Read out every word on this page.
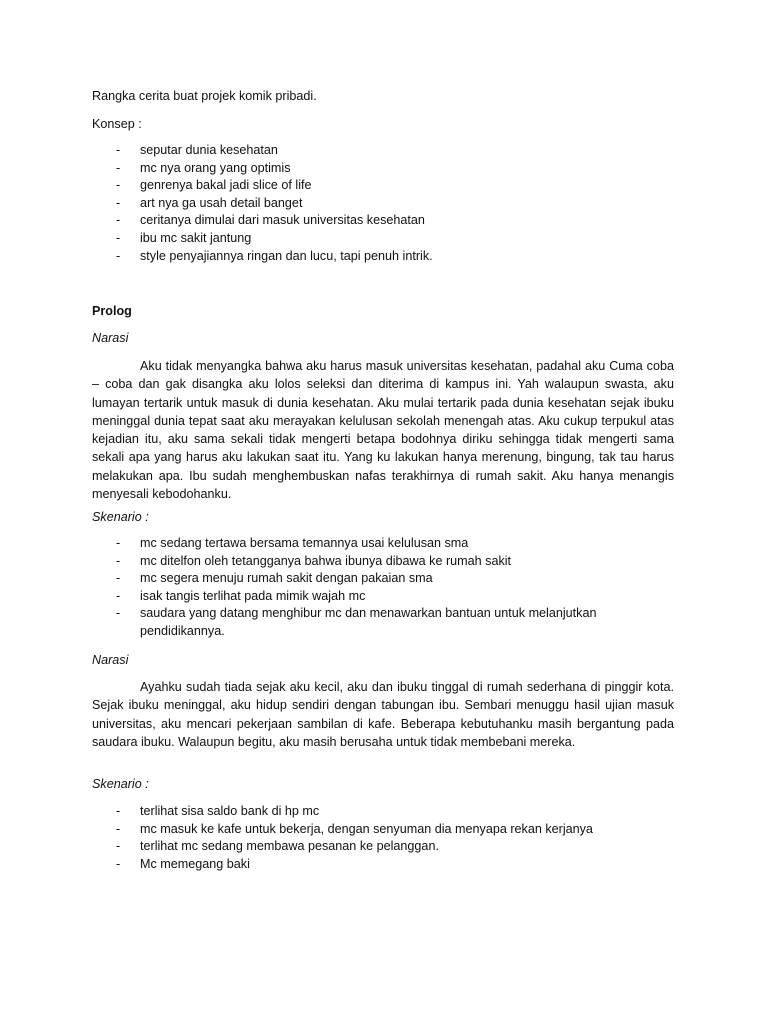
Rangka cerita buat projek komik pribadi.
Konsep :
- seputar dunia kesehatan
- mc nya orang yang optimis
- genrenya bakal jadi slice of life
- art nya ga usah detail banget
- ceritanya dimulai dari masuk universitas kesehatan
- ibu mc sakit jantung
- style penyajiannya ringan dan lucu, tapi penuh intrik.
Prolog
Narasi

Aku tidak menyangka bahwa aku harus masuk universitas kesehatan, padahal aku Cuma coba – coba dan gak disangka aku lolos seleksi dan diterima di kampus ini. Yah walaupun swasta, aku lumayan tertarik untuk masuk di dunia kesehatan. Aku mulai tertarik pada dunia kesehatan sejak ibuku meninggal dunia tepat saat aku merayakan kelulusan sekolah menengah atas. Aku cukup terpukul atas kejadian itu, aku sama sekali tidak mengerti betapa bodohnya diriku sehingga tidak mengerti sama sekali apa yang harus aku lakukan saat itu. Yang ku lakukan hanya merenung, bingung, tak tau harus melakukan apa. Ibu sudah menghembuskan nafas terakhirnya di rumah sakit. Aku hanya menangis menyesali kebodohanku.

Skenario :
- mc sedang tertawa bersama temannya usai kelulusan sma
- mc ditelfon oleh tetangganya bahwa ibunya dibawa ke rumah sakit
- mc segera menuju rumah sakit dengan pakaian sma
- isak tangis terlihat pada mimik wajah mc
- saudara yang datang menghibur mc dan menawarkan bantuan untuk melanjutkan pendidikannya.
Narasi

Ayahku sudah tiada sejak aku kecil, aku dan ibuku tinggal di rumah sederhana di pinggir kota. Sejak ibuku meninggal, aku hidup sendiri dengan tabungan ibu. Sembari menuggu hasil ujian masuk universitas, aku mencari pekerjaan sambilan di kafe. Beberapa kebutuhanku masih bergantung pada saudara ibuku. Walaupun begitu, aku masih berusaha untuk tidak membebani mereka.

Skenario :
- terlihat sisa saldo bank di hp mc
- mc masuk ke kafe untuk bekerja, dengan senyuman dia menyapa rekan kerjanya
- terlihat mc sedang membawa pesanan ke pelanggan.
- Mc memegang baki
